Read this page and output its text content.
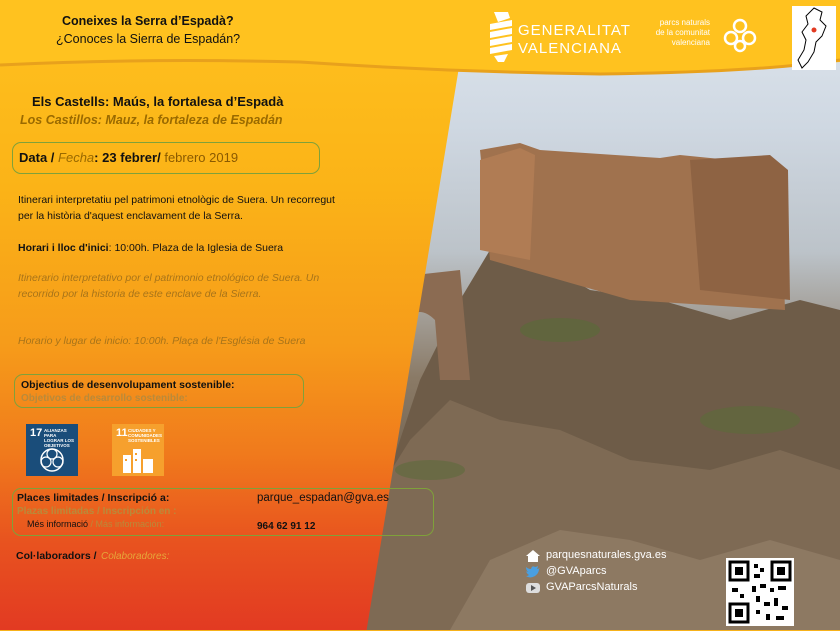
Coneixes la Serra d’Espadà?
¿Conoces la Sierra de Espadán?	GENERALITAT
VALENCIANA
parcs naturals
de la comunitat
valenciana
Els Castells: Maús, la fortalesa d’Espadà
Los Castillos: Mauz, la fortaleza de Espadán
Data / Fecha: 23 febrer/ febrero 2019
Itinerari interpretatiu pel patrimoni etnològic de Suera. Un recorregut per la història d'aquest enclavament de la Serra.
Horari i lloc d'inici: 10:00h. Plaza de la Iglesia de Suera
Itinerario interpretativo por el patrimonio etnológico de Suera. Un recorrido por la historia de este enclave de la Sierra.
Horario y lugar de inicio: 10:00h. Plaça de l'Església de Suera
Objectius de desenvolupament sostenible:
Objetivos de desarrollo sostenible:
17 ALIANZAS PARA LOGRAR LOS OBJETIVOS
11 CIUDADES Y COMUNIDADES SOSTENIBLES
Places limitades / Inscripció a:
Plazas limitadas / Inscripción en :
Més informació / Más información:
parque_espadan@gva.es
964 62 91 12
Col·laboradors / Colaboradores:	parquesnaturales.gva.es
@GVAparcs
GVAParcsNaturals
